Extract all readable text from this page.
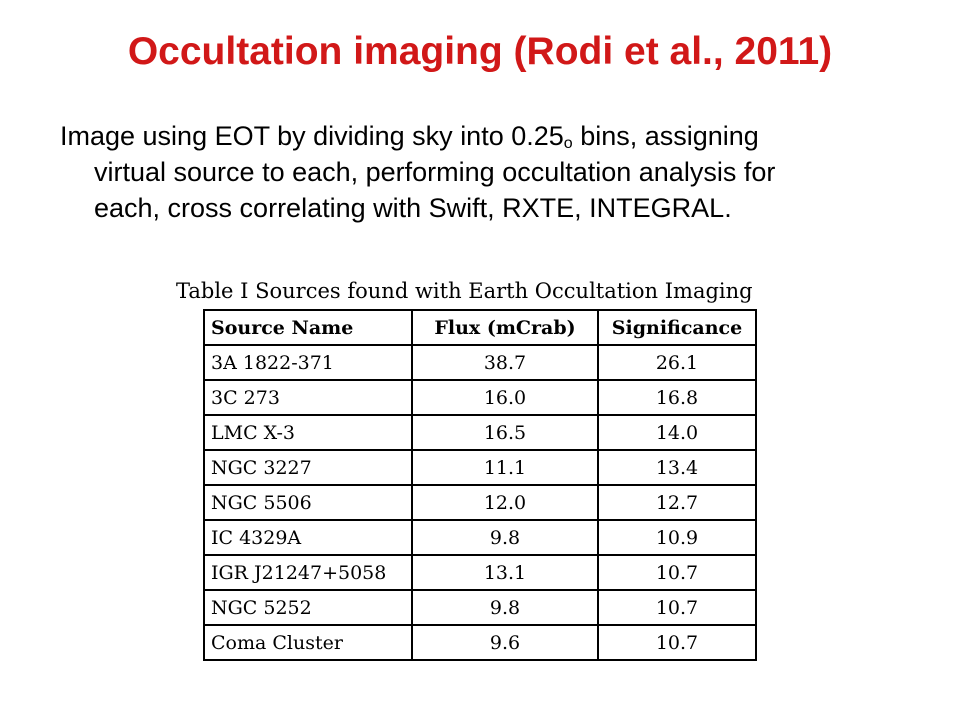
Occultation imaging (Rodi et al., 2011)
Image using EOT by dividing sky into 0.25$^o$ bins, assigning
virtual source to each, performing occultation analysis for
each, cross correlating with Swift, RXTE, INTEGRAL.
Table I Sources found with Earth Occultation Imaging
Source Name	Flux (mCrab)	Significance
3A 1822-371	38.7	26.1
3C 273	16.0	16.8
LMC X-3	16.5	14.0
NGC 3227	11.1	13.4
NGC 5506	12.0	12.7
IC 4329A	9.8	10.9
IGR J21247+5058	13.1	10.7
NGC 5252	9.8	10.7
Coma Cluster	9.6	10.7
